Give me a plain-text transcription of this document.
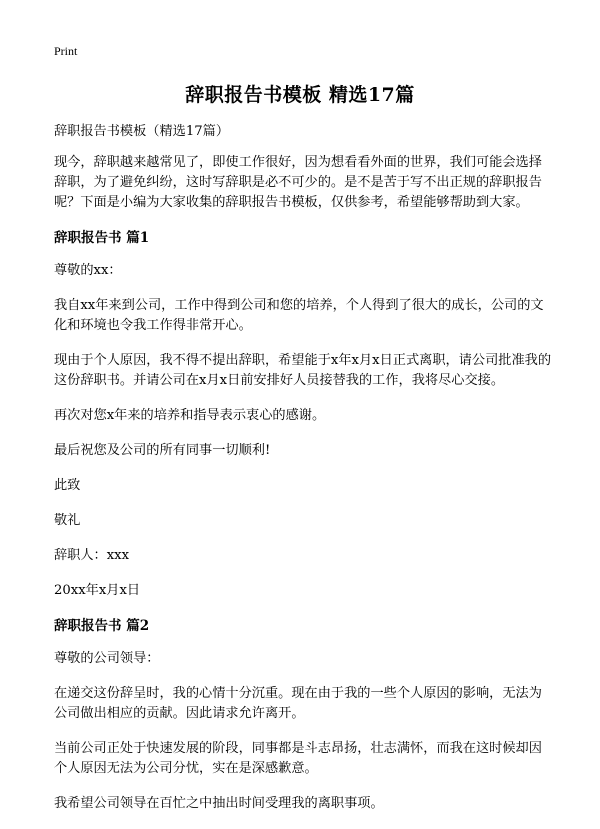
Print
辞职报告书模板 精选17篇

辞职报告书模板（精选17篇）

现今，辞职越来越常见了，即使工作很好，因为想看看外面的世界，我们可能会选择辞职，为了避免纠纷，这时写辞职是必不可少的。是不是苦于写不出正规的辞职报告呢？下面是小编为大家收集的辞职报告书模板，仅供参考，希望能够帮助到大家。

辞职报告书 篇1

尊敬的xx：

我自xx年来到公司，工作中得到公司和您的培养，个人得到了很大的成长，公司的文化和环境也令我工作得非常开心。

现由于个人原因，我不得不提出辞职，希望能于x年x月x日正式离职，请公司批准我的这份辞职书。并请公司在x月x日前安排好人员接替我的工作，我将尽心交接。

再次对您x年来的培养和指导表示衷心的感谢。

最后祝您及公司的所有同事一切顺利!

此致

敬礼

辞职人：xxx

20xx年x月x日

辞职报告书 篇2

尊敬的公司领导：

在递交这份辞呈时，我的心情十分沉重。现在由于我的一些个人原因的影响，无法为公司做出相应的贡献。因此请求允许离开。

当前公司正处于快速发展的阶段，同事都是斗志昂扬，壮志满怀，而我在这时候却因个人原因无法为公司分忧，实在是深感歉意。

我希望公司领导在百忙之中抽出时间受理我的离职事项。
